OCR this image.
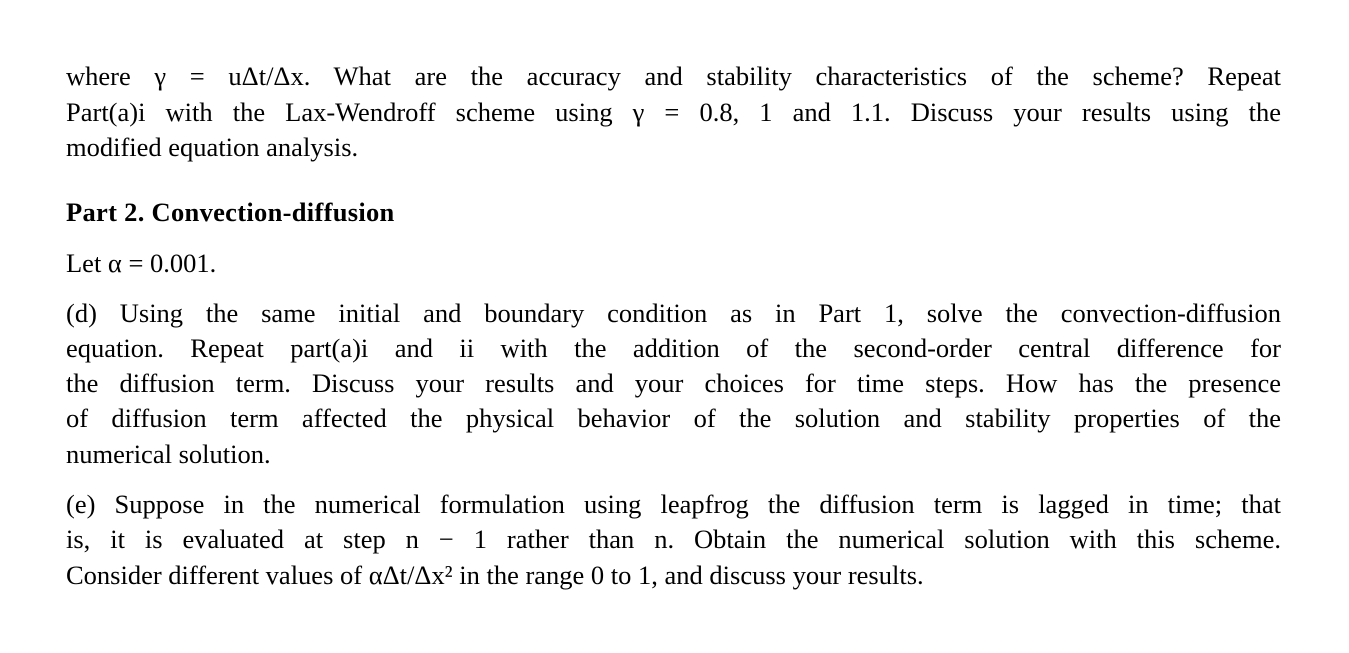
where γ = uΔt/Δx. What are the accuracy and stability characteristics of the scheme? Repeat
Part(a)i with the Lax-Wendroff scheme using γ = 0.8, 1 and 1.1. Discuss your results using the
modified equation analysis.
Part 2. Convection-diffusion
Let α = 0.001.
(d) Using the same initial and boundary condition as in Part 1, solve the convection-diffusion
equation. Repeat part(a)i and ii with the addition of the second-order central difference for
the diffusion term. Discuss your results and your choices for time steps. How has the presence
of diffusion term affected the physical behavior of the solution and stability properties of the
numerical solution.
(e) Suppose in the numerical formulation using leapfrog the diffusion term is lagged in time; that
is, it is evaluated at step n − 1 rather than n. Obtain the numerical solution with this scheme.
Consider different values of αΔt/Δx² in the range 0 to 1, and discuss your results.
